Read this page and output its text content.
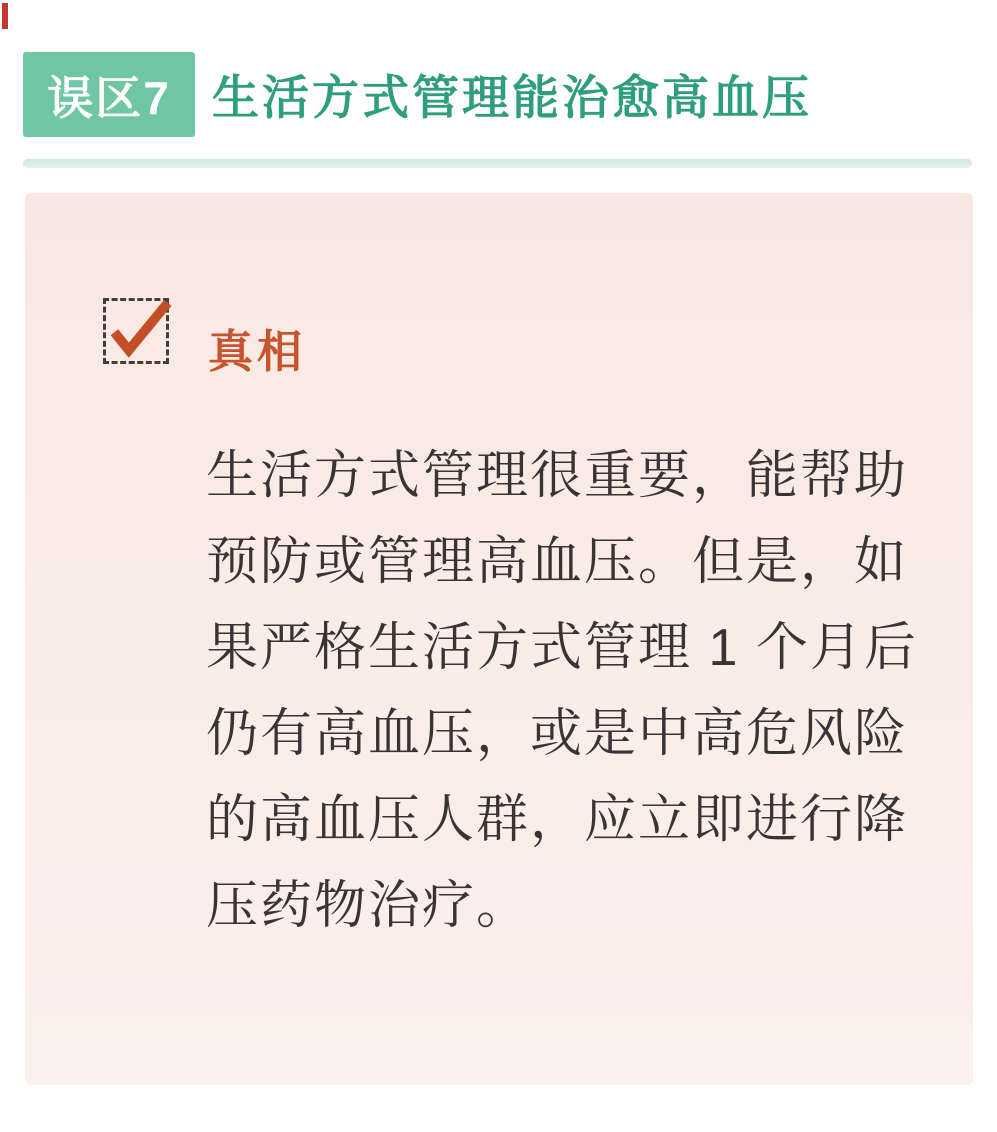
误区7 生活方式管理能治愈高血压
真相

生活方式管理很重要，能帮助

预防或管理高血压。但是，如

果严格生活方式管理 1 个月后

仍有高血压，或是中高危风险

的高血压人群，应立即进行降

压药物治疗。
